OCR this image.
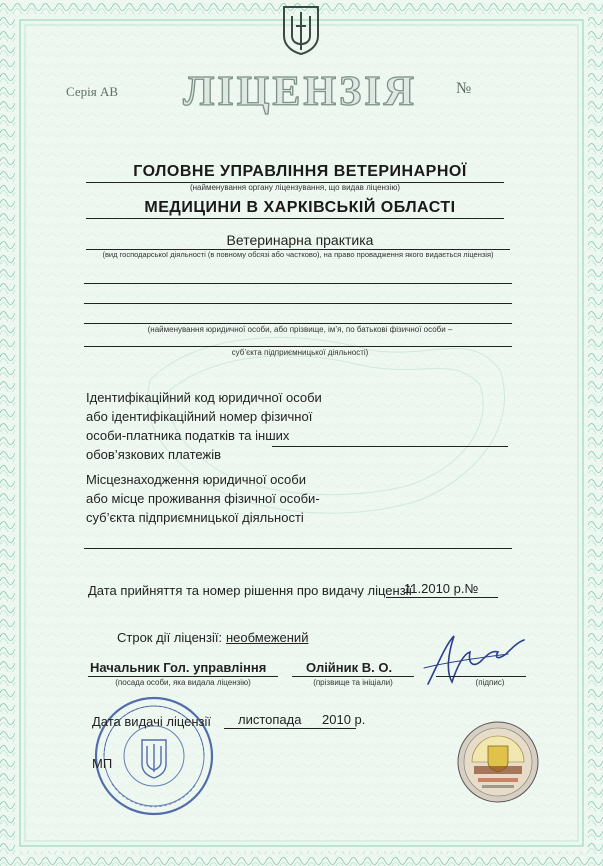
Серія АВ	ЛІЦЕНЗІЯ	№
ГОЛОВНЕ УПРАВЛІННЯ ВЕТЕРИНАРНОЇ
(найменування органу ліцензування, що видав ліцензію)
МЕДИЦИНИ В ХАРКІВСЬКІЙ ОБЛАСТІ
Ветеринарна практика
(вид господарської діяльності (в повному обсязі або частково), на право провадження якого видається ліцензія)
(найменування юридичної особи, або прізвище, ім’я, по батькові фізичної особи –
суб’єкта підприємницької діяльності)
Ідентифікаційний код юридичної особи
або ідентифікаційний номер фізичної
особи-платника податків та інших
обов’язкових платежів
Місцезнаходження юридичної особи
або місце проживання фізичної особи-
суб’єкта підприємницької діяльності
Дата прийняття та номер рішення про видачу ліцензії
11.2010 р.№
Строк дії ліцензії: необмежений
Начальник Гол. управління
(посада особи, яка видала ліцензію)
Олійник В. О.
(прізвище та ініціали)	(підпис)
Дата видачі ліцензії листопада 2010 р.
МП
